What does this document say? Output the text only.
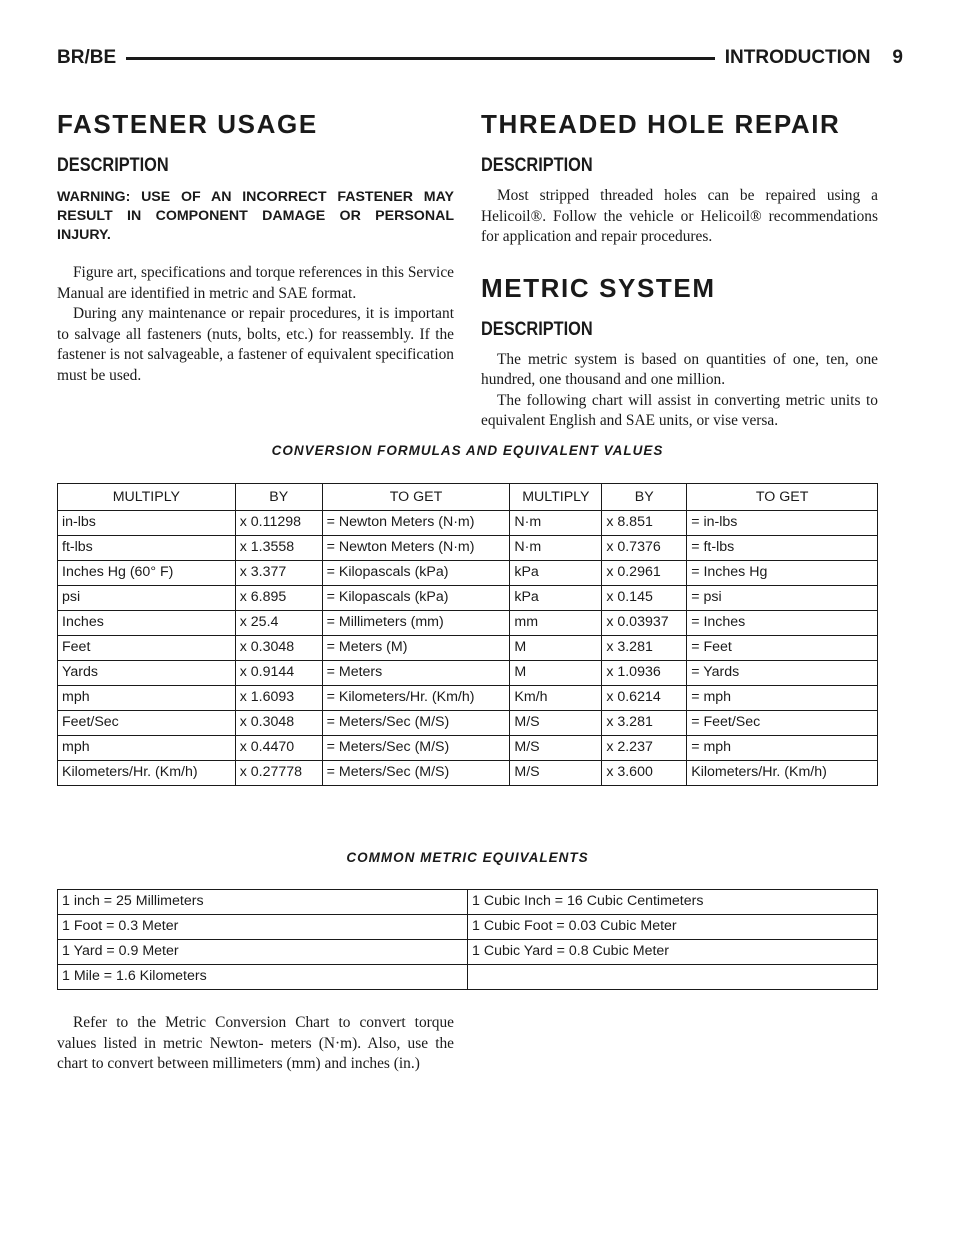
BR/BE	INTRODUCTION 9
FASTENER USAGE
DESCRIPTION
WARNING: USE OF AN INCORRECT FASTENER MAY RESULT IN COMPONENT DAMAGE OR PERSONAL INJURY.

Figure art, specifications and torque references in this Service Manual are identified in metric and SAE format.

During any maintenance or repair procedures, it is important to salvage all fasteners (nuts, bolts, etc.) for reassembly. If the fastener is not salvageable, a fastener of equivalent specification must be used.

THREADED HOLE REPAIR
DESCRIPTION

Most stripped threaded holes can be repaired using a Helicoil®. Follow the vehicle or Helicoil® recommendations for application and repair procedures.

METRIC SYSTEM
DESCRIPTION

The metric system is based on quantities of one, ten, one hundred, one thousand and one million.

The following chart will assist in converting metric units to equivalent English and SAE units, or vise versa.

CONVERSION FORMULAS AND EQUIVALENT VALUES
MULTIPLY	BY	TO GET	MULTIPLY	BY	TO GET
in-lbs	x 0.11298	= Newton Meters (N·m)	N·m	x 8.851	= in-lbs
ft-lbs	x 1.3558	= Newton Meters (N·m)	N·m	x 0.7376	= ft-lbs
Inches Hg (60° F)	x 3.377	= Kilopascals (kPa)	kPa	x 0.2961	= Inches Hg
psi	x 6.895	= Kilopascals (kPa)	kPa	x 0.145	= psi
Inches	x 25.4	= Millimeters (mm)	mm	x 0.03937	= Inches
Feet	x 0.3048	= Meters (M)	M	x 3.281	= Feet
Yards	x 0.9144	= Meters	M	x 1.0936	= Yards
mph	x 1.6093	= Kilometers/Hr. (Km/h)	Km/h	x 0.6214	= mph
Feet/Sec	x 0.3048	= Meters/Sec (M/S)	M/S	x 3.281	= Feet/Sec
mph	x 0.4470	= Meters/Sec (M/S)	M/S	x 2.237	= mph
Kilometers/Hr. (Km/h)	x 0.27778	= Meters/Sec (M/S)	M/S	x 3.600	Kilometers/Hr. (Km/h)
COMMON METRIC EQUIVALENTS
1 inch = 25 Millimeters	1 Cubic Inch = 16 Cubic Centimeters
1 Foot = 0.3 Meter	1 Cubic Foot = 0.03 Cubic Meter
1 Yard = 0.9 Meter	1 Cubic Yard = 0.8 Cubic Meter
1 Mile = 1.6 Kilometers	

Refer to the Metric Conversion Chart to convert torque values listed in metric Newton- meters (N·m). Also, use the chart to convert between millimeters (mm) and inches (in.)
